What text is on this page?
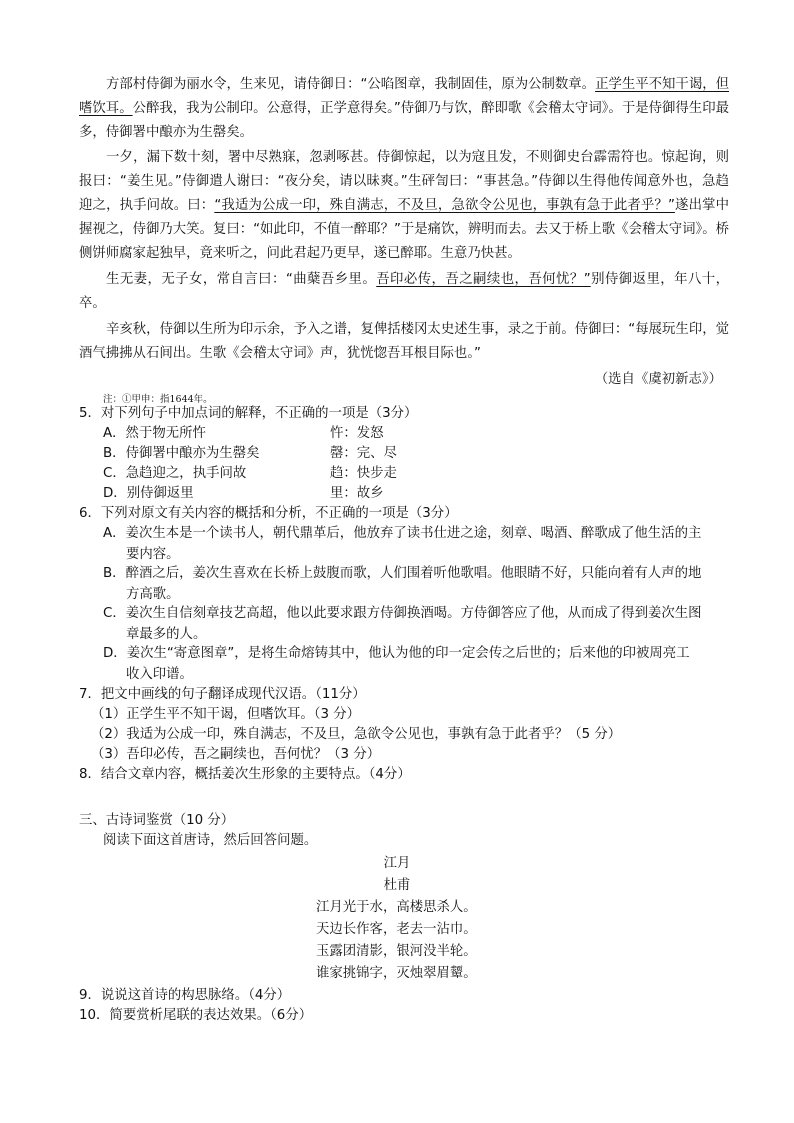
方部村侍御为丽水令，生来见，请侍御日：“公啗图章，我制固佳，原为公制数章。正学生平不知干谒，但嗜饮耳。公醉我，我为公制印。公意得，正学意得矣。”侍御乃与饮，醉即歌《会稽太守词》。于是侍御得生印最多，侍御署中酿亦为生罄矣。

一夕，漏下数十刻，署中尽熟寐，忽剥啄甚。侍御惊起，以为寇且发，不则御史台霹需符也。惊起询，则报曰：“姜生见。”侍御遣人谢曰：“夜分矣，请以昧爽。”生砰訇曰：“事甚急。”侍御以生得他传闻意外也，急趋迎之，执手问故。曰：“我适为公成一印，殊自满志，不及旦，急欲令公见也，事孰有急于此者乎？”遂出掌中握视之，侍御乃大笑。复曰：“如此印，不值一醉耶？”于是痛饮，辨明而去。去又于桥上歌《会稽太守词》。桥侧饼师腐家起独早，竟来听之，问此君起乃更早，遂已醉耶。生意乃快甚。

生无妻，无子女，常自言曰：“曲蘖吾乡里。吾印必传，吾之嗣续也，吾何忧？”别侍御返里，年八十，卒。

辛亥秋，侍御以生所为印示余，予入之谱，复俾括楼冈太史述生事，录之于前。侍御曰：“每展玩生印，觉酒气拂拂从石间出。生歌《会稽太守词》声，犹恍惚吾耳根目际也。”

（选自《虞初新志》）
注：①甲申：指1644年。
5．对下列句子中加点词的解释，不正确的一项是（3分）
A．然于物无所忤	忤：发怒
B．侍御署中酿亦为生罄矣	罄：完、尽
C．急趋迎之，执手问故	趋：快步走
D．别侍御返里	里：故乡
6．下列对原文有关内容的概括和分析，不正确的一项是（3分）
A．姜次生本是一个读书人，朝代鼎革后，他放弃了读书仕进之途，刻章、喝酒、醉歌成了他生活的主
要内容。
B．醉酒之后，姜次生喜欢在长桥上鼓腹而歌，人们围着听他歌唱。他眼睛不好，只能向着有人声的地
方高歌。
C．姜次生自信刻章技艺高超，他以此要求跟方侍御换酒喝。方侍御答应了他，从而成了得到姜次生图
章最多的人。
D．姜次生“寄意图章”，是将生命熔铸其中，他认为他的印一定会传之后世的；后来他的印被周亮工
收入印谱。
7．把文中画线的句子翻译成现代汉语。（11分）
（1）正学生平不知干谒，但嗜饮耳。（3 分）
（2）我适为公成一印，殊自满志，不及旦，急欲令公见也，事孰有急于此者乎？（5 分）
（3）吾印必传，吾之嗣续也，吾何忧？（3 分）
8．结合文章内容，概括姜次生形象的主要特点。（4分）
三、古诗词鉴赏（10 分）
阅读下面这首唐诗，然后回答问题。
江月
杜甫
江月光于水，高楼思杀人。
天边长作客，老去一沾巾。
玉露团清影，银河没半轮。
谁家挑锦字，灭烛翠眉颦。
9．说说这首诗的构思脉络。（4分）
10．简要赏析尾联的表达效果。（6分）
